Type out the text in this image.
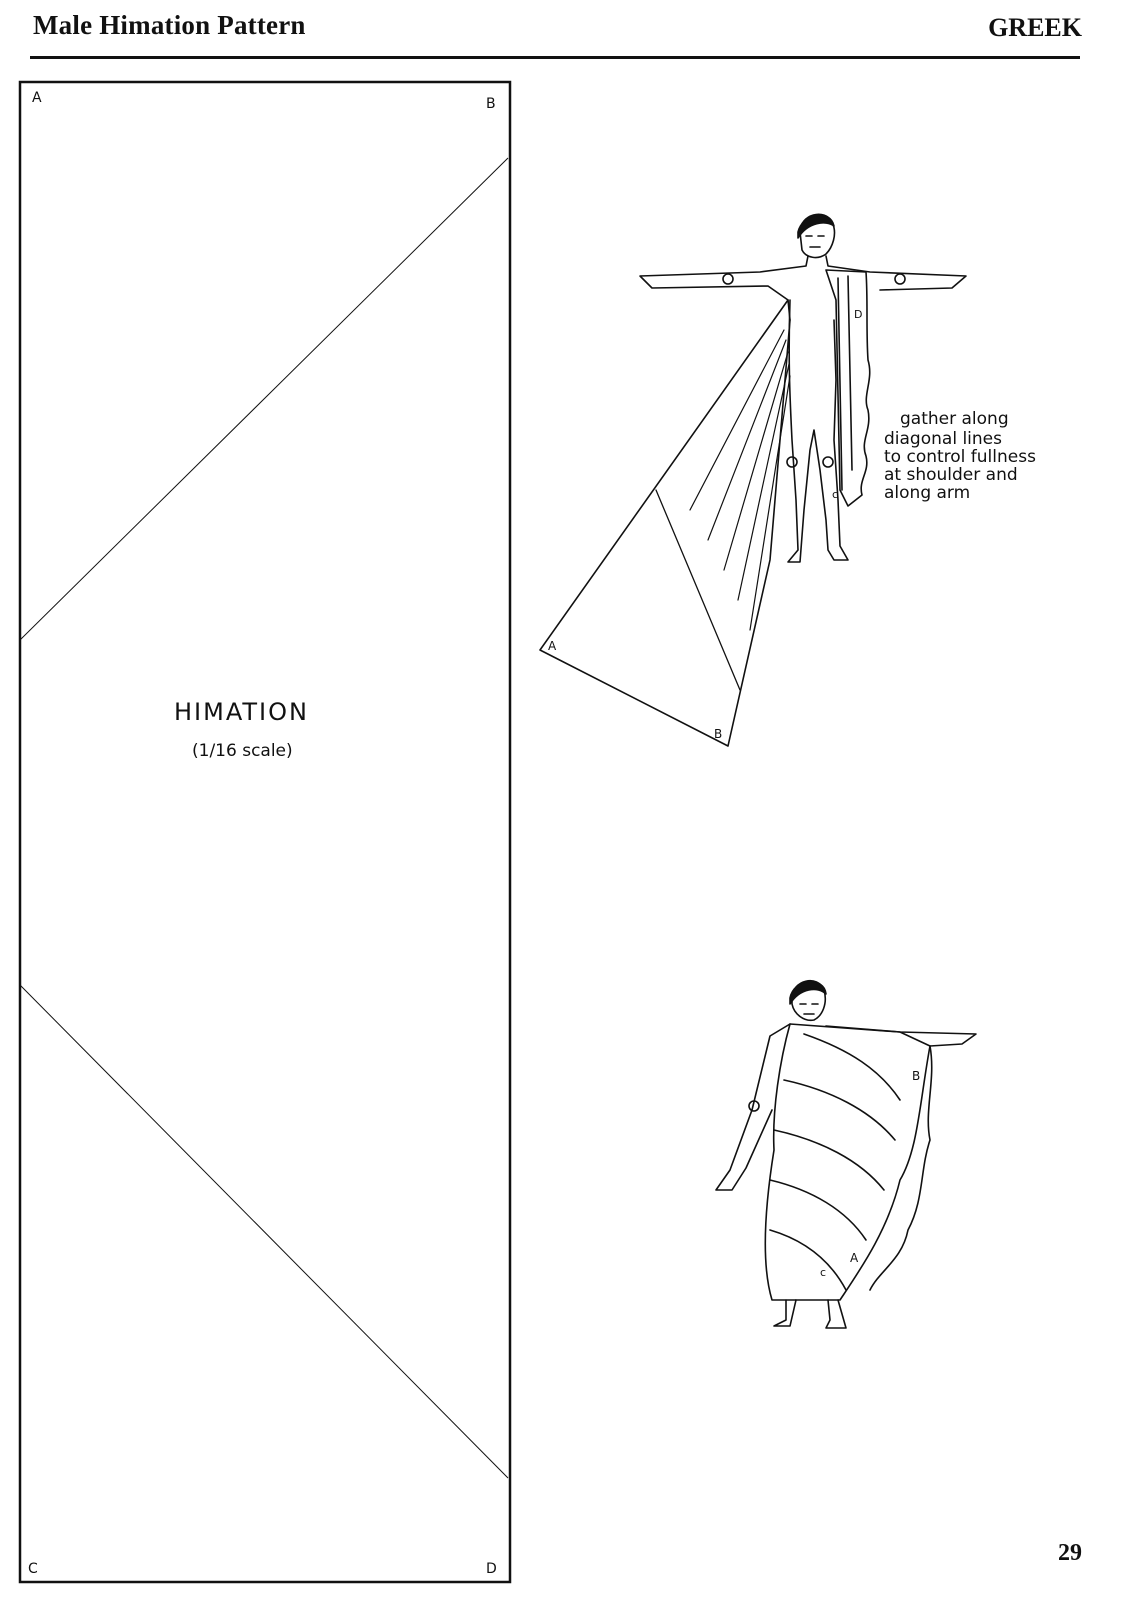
Male Himation Pattern	GREEK
A	B
C	D
HIMATION
(1/16 scale)
A
B
c
D
gather along diagonal lines to control fullness at shoulder and along arm
B
A
c
29
